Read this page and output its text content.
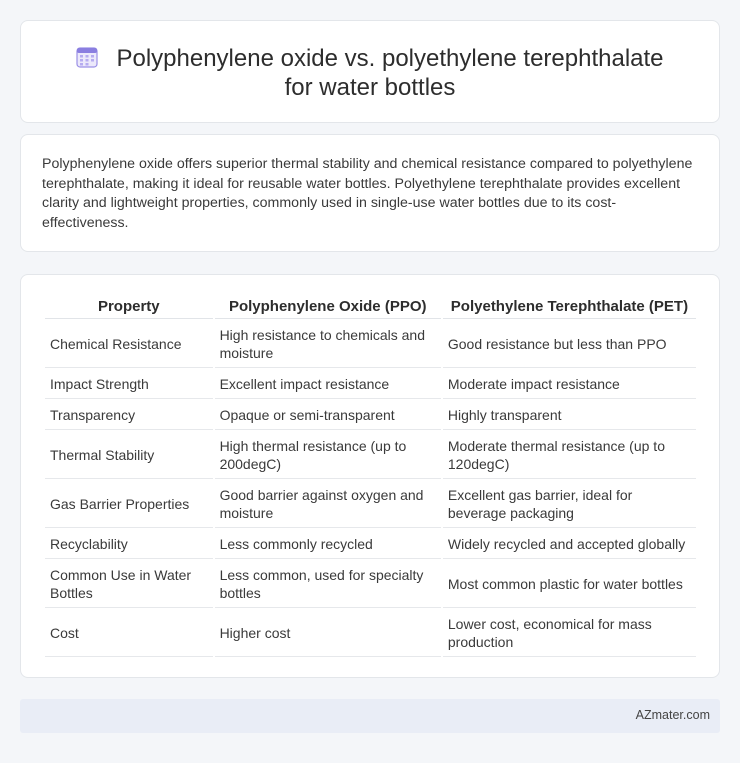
Polyphenylene oxide vs. polyethylene terephthalate for water bottles

Polyphenylene oxide offers superior thermal stability and chemical resistance compared to polyethylene terephthalate, making it ideal for reusable water bottles. Polyethylene terephthalate provides excellent clarity and lightweight properties, commonly used in single-use water bottles due to its cost-effectiveness.

Property	Polyphenylene Oxide (PPO)	Polyethylene Terephthalate (PET)
Chemical Resistance	High resistance to chemicals and moisture	Good resistance but less than PPO
Impact Strength	Excellent impact resistance	Moderate impact resistance
Transparency	Opaque or semi-transparent	Highly transparent
Thermal Stability	High thermal resistance (up to 200degC)	Moderate thermal resistance (up to 120degC)
Gas Barrier Properties	Good barrier against oxygen and moisture	Excellent gas barrier, ideal for beverage packaging
Recyclability	Less commonly recycled	Widely recycled and accepted globally
Common Use in Water Bottles	Less common, used for specialty bottles	Most common plastic for water bottles
Cost	Higher cost	Lower cost, economical for mass production
AZmater.com
